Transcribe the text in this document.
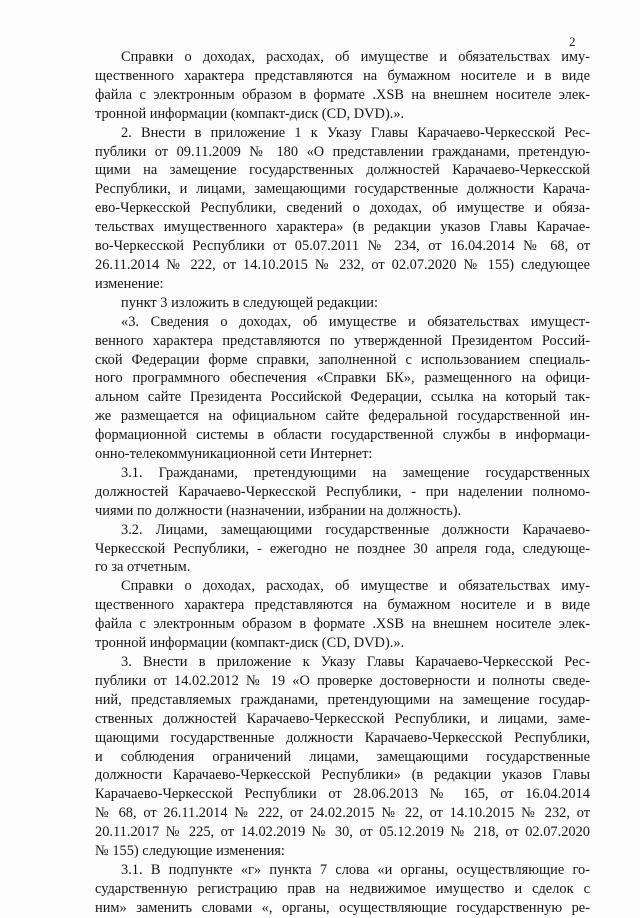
2

Справки о доходах, расходах, об имуществе и обязательствах иму-
щественного характера представляются на бумажном носителе и в виде
файла с электронным образом в формате .XSB на внешнем носителе элек-
тронной информации (компакт-диск (CD, DVD).».

2. Внести в приложение 1 к Указу Главы Карачаево-Черкесской Рес-
публики от 09.11.2009 № 180 «О представлении гражданами, претендую-
щими на замещение государственных должностей Карачаево-Черкесской
Республики, и лицами, замещающими государственные должности Карача-
ево-Черкесской Республики, сведений о доходах, об имуществе и обяза-
тельствах имущественного характера» (в редакции указов Главы Карачае-
во-Черкесской Республики от 05.07.2011 № 234, от 16.04.2014 № 68, от
26.11.2014 № 222, от 14.10.2015 № 232, от 02.07.2020 № 155) следующее
изменение:

пункт 3 изложить в следующей редакции:

«3. Сведения о доходах, об имуществе и обязательствах имущест-
венного характера представляются по утвержденной Президентом Россий-
ской Федерации форме справки, заполненной с использованием специаль-
ного программного обеспечения «Справки БК», размещенного на офици-
альном сайте Президента Российской Федерации, ссылка на который так-
же размещается на официальном сайте федеральной государственной ин-
формационной системы в области государственной службы в информаци-
онно-телекоммуникационной сети Интернет:

3.1. Гражданами, претендующими на замещение государственных
должностей Карачаево-Черкесской Республики, - при наделении полномо-
чиями по должности (назначении, избрании на должность).

3.2. Лицами, замещающими государственные должности Карачаево-
Черкесской Республики, - ежегодно не позднее 30 апреля года, следующе-
го за отчетным.

Справки о доходах, расходах, об имуществе и обязательствах иму-
щественного характера представляются на бумажном носителе и в виде
файла с электронным образом в формате .XSB на внешнем носителе элек-
тронной информации (компакт-диск (CD, DVD).».

3. Внести в приложение к Указу Главы Карачаево-Черкесской Рес-
публики от 14.02.2012 № 19 «О проверке достоверности и полноты сведе-
ний, представляемых гражданами, претендующими на замещение государ-
ственных должностей Карачаево-Черкесской Республики, и лицами, заме-
щающими государственные должности Карачаево-Черкесской Республики,
и соблюдения ограничений лицами, замещающими государственные
должности Карачаево-Черкесской Республики» (в редакции указов Главы
Карачаево-Черкесской Республики от 28.06.2013 № 165, от 16.04.2014
№ 68, от 26.11.2014 № 222, от 24.02.2015 № 22, от 14.10.2015 № 232, от
20.11.2017 № 225, от 14.02.2019 № 30, от 05.12.2019 № 218, от 02.07.2020
№ 155) следующие изменения:

3.1. В подпункте «г» пункта 7 слова «и органы, осуществляющие го-
сударственную регистрацию прав на недвижимое имущество и сделок с
ним» заменить словами «, органы, осуществляющие государственную ре-
